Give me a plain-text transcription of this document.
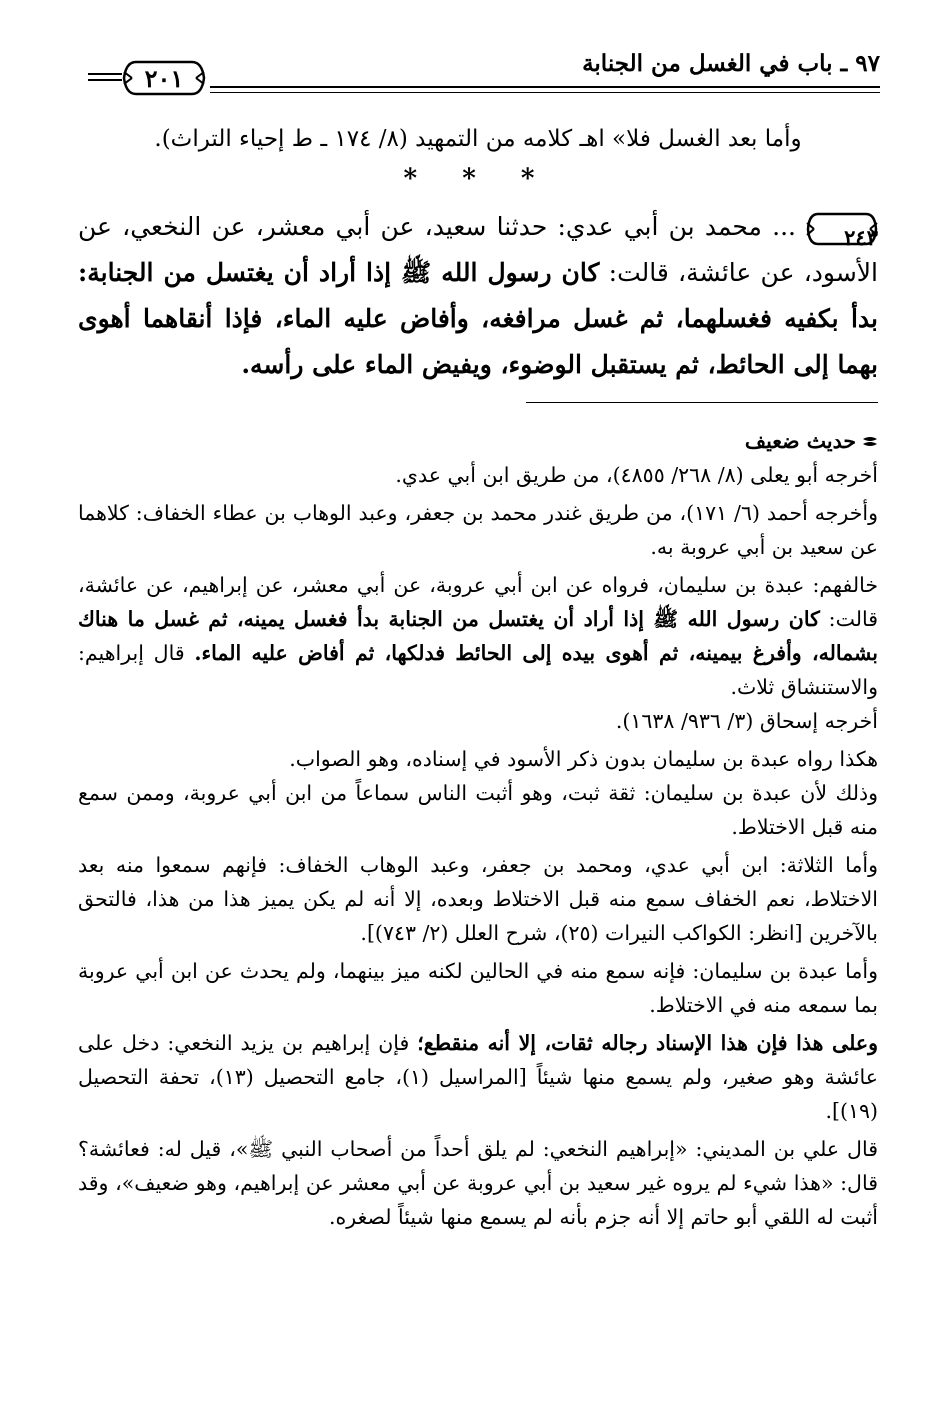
٩٧ ـ باب في الغسل من الجنابة
٢٠١
وأما بعد الغسل فلا» اهـ كلامه من التمهيد (٨/ ١٧٤ ـ ط إحياء التراث).
* * *
٢٤٣
... محمد بن أبي عدي: حدثنا سعيد، عن أبي معشر، عن النخعي، عن الأسود، عن عائشة، قالت: كان رسول الله ﷺ إذا أراد أن يغتسل من الجنابة: بدأ بكفيه فغسلهما، ثم غسل مرافغه، وأفاض عليه الماء، فإذا أنقاهما أهوى بهما إلى الحائط، ثم يستقبل الوضوء، ويفيض الماء على رأسه.

حديث ضعيف

أخرجه أبو يعلى (٨/ ٢٦٨/ ٤٨٥٥)، من طريق ابن أبي عدي.

وأخرجه أحمد (٦/ ١٧١)، من طريق غندر محمد بن جعفر، وعبد الوهاب بن عطاء الخفاف: كلاهما عن سعيد بن أبي عروبة به.

خالفهم: عبدة بن سليمان، فرواه عن ابن أبي عروبة، عن أبي معشر، عن إبراهيم، عن عائشة، قالت: كان رسول الله ﷺ إذا أراد أن يغتسل من الجنابة بدأ فغسل يمينه، ثم غسل ما هناك بشماله، وأفرغ بيمينه، ثم أهوى بيده إلى الحائط فدلكها، ثم أفاض عليه الماء. قال إبراهيم: والاستنشاق ثلاث.

أخرجه إسحاق (٣/ ٩٣٦/ ١٦٣٨).

هكذا رواه عبدة بن سليمان بدون ذكر الأسود في إسناده، وهو الصواب.

وذلك لأن عبدة بن سليمان: ثقة ثبت، وهو أثبت الناس سماعاً من ابن أبي عروبة، وممن سمع منه قبل الاختلاط.

وأما الثلاثة: ابن أبي عدي، ومحمد بن جعفر، وعبد الوهاب الخفاف: فإنهم سمعوا منه بعد الاختلاط، نعم الخفاف سمع منه قبل الاختلاط وبعده، إلا أنه لم يكن يميز هذا من هذا، فالتحق بالآخرين [انظر: الكواكب النيرات (٢٥)، شرح العلل (٢/ ٧٤٣)].

وأما عبدة بن سليمان: فإنه سمع منه في الحالين لكنه ميز بينهما، ولم يحدث عن ابن أبي عروبة بما سمعه منه في الاختلاط.

وعلى هذا فإن هذا الإسناد رجاله ثقات، إلا أنه منقطع؛ فإن إبراهيم بن يزيد النخعي: دخل على عائشة وهو صغير، ولم يسمع منها شيئاً [المراسيل (١)، جامع التحصيل (١٣)، تحفة التحصيل (١٩)].

قال علي بن المديني: «إبراهيم النخعي: لم يلق أحداً من أصحاب النبي ﷺ»، قيل له: فعائشة؟ قال: «هذا شيء لم يروه غير سعيد بن أبي عروبة عن أبي معشر عن إبراهيم، وهو ضعيف»، وقد أثبت له اللقي أبو حاتم إلا أنه جزم بأنه لم يسمع منها شيئاً لصغره.
